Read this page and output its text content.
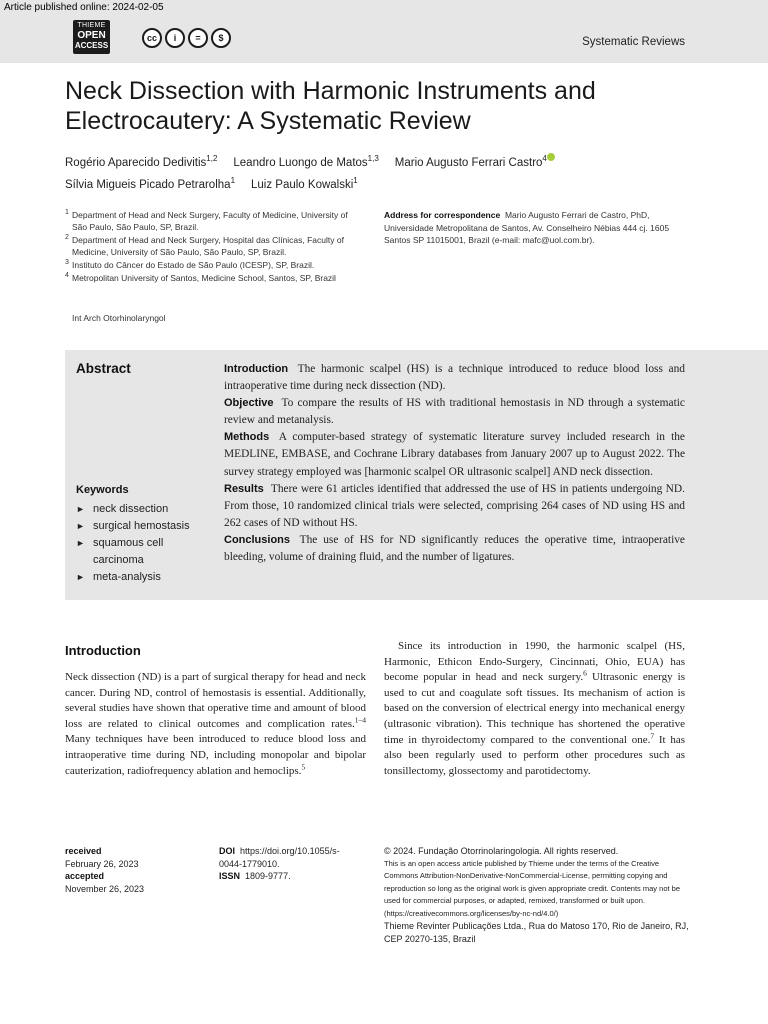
Article published online: 2024-02-05
THIEME
OPEN
ACCESS
cc	i	=	$	Systematic Reviews
Neck Dissection with Harmonic Instruments and Electrocautery: A Systematic Review
Rogério Aparecido Dedivitis$^{1,2}$ Leandro Luongo de Matos$^{1,3}$ Mario Augusto Ferrari Castro$^4$
Sílvia Migueis Picado Petrarolha$^1$ Luiz Paulo Kowalski$^1$
1 Department of Head and Neck Surgery, Faculty of Medicine, University of São Paulo, São Paulo, SP, Brazil.
2 Department of Head and Neck Surgery, Hospital das Clínicas, Faculty of Medicine, University of São Paulo, São Paulo, SP, Brazil.
3 Instituto do Câncer do Estado de São Paulo (ICESP), SP, Brazil.
4 Metropolitan University of Santos, Medicine School, Santos, SP, Brazil
Int Arch Otorhinolaryngol
Address for correspondence Mario Augusto Ferrari de Castro, PhD, Universidade Metropolitana de Santos, Av. Conselheiro Nébias 444 cj. 1605 Santos SP 11015001, Brazil (e-mail: mafc@uol.com.br).
Abstract
Keywords
► neck dissection
► surgical hemostasis
► squamous cell carcinoma
► meta-analysis

Introduction The harmonic scalpel (HS) is a technique introduced to reduce blood loss and intraoperative time during neck dissection (ND).

Objective To compare the results of HS with traditional hemostasis in ND through a systematic review and metanalysis.

Methods A computer-based strategy of systematic literature survey included research in the MEDLINE, EMBASE, and Cochrane Library databases from January 2007 up to August 2022. The survey strategy employed was [harmonic scalpel OR ultrasonic scalpel] AND neck dissection.

Results There were 61 articles identified that addressed the use of HS in patients undergoing ND. From those, 10 randomized clinical trials were selected, comprising 264 cases of ND using HS and 262 cases of ND without HS.

Conclusions The use of HS for ND significantly reduces the operative time, intraoperative bleeding, volume of draining fluid, and the number of ligatures.

Introduction
Neck dissection (ND) is a part of surgical therapy for head and neck cancer. During ND, control of hemostasis is essential. Additionally, several studies have shown that operative time and amount of blood loss are related to clinical outcomes and complication rates.$^{1-4}$ Many techniques have been introduced to reduce blood loss and intraoperative time during ND, including monopolar and bipolar cauterization, radiofrequency ablation and hemoclips.$^5$
Since its introduction in 1990, the harmonic scalpel (HS, Harmonic, Ethicon Endo-Surgery, Cincinnati, Ohio, EUA) has become popular in head and neck surgery.$^6$ Ultrasonic energy is used to cut and coagulate soft tissues. Its mechanism of action is based on the conversion of electrical energy into mechanical energy (ultrasonic vibration). This technique has shortened the operative time in thyroidectomy compared to the conventional one.$^7$ It has also been regularly used to perform other procedures such as tonsillectomy, glossectomy and parotidectomy.
received
February 26, 2023
accepted
November 26, 2023
DOI https://doi.org/10.1055/s-0044-1779010.
ISSN 1809-9777.
© 2024. Fundação Otorrinolaringologia. All rights reserved.
This is an open access article published by Thieme under the terms of the Creative Commons Attribution-NonDerivative-NonCommercial-License, permitting copying and reproduction so long as the original work is given appropriate credit. Contents may not be used for commercial purposes, or adapted, remixed, transformed or built upon. (https://creativecommons.org/licenses/by-nc-nd/4.0/)
Thieme Revinter Publicações Ltda., Rua do Matoso 170, Rio de Janeiro, RJ, CEP 20270-135, Brazil
